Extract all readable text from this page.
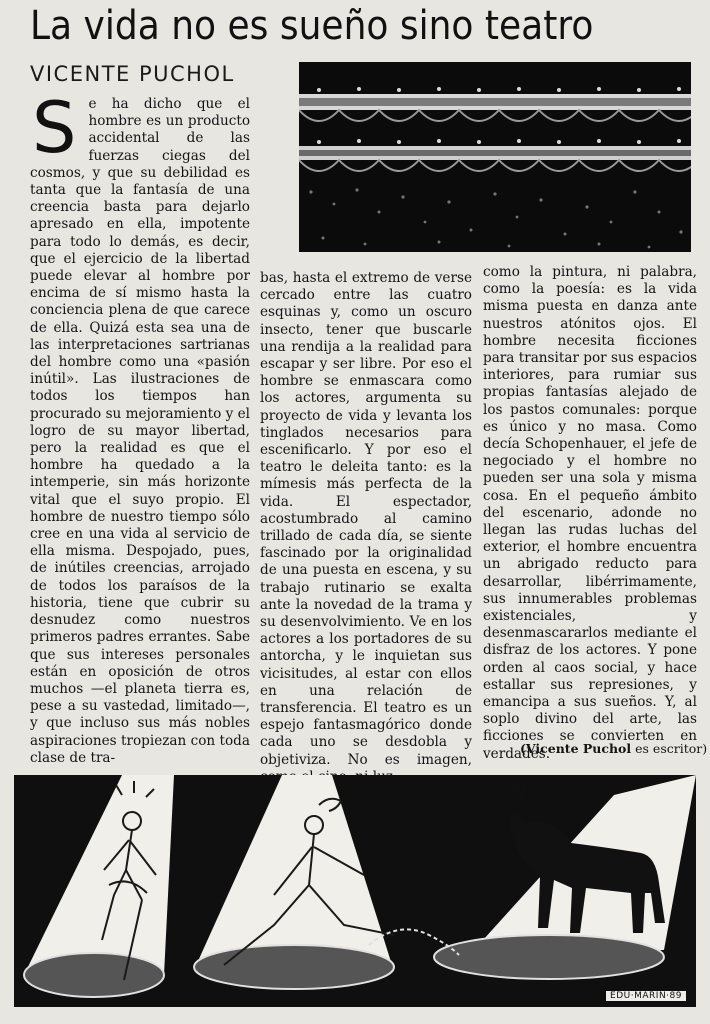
La vida no es sueño sino teatro
VICENTE PUCHOL
S e ha dicho que el hombre es un producto accidental de las fuerzas ciegas del cosmos, y que su debilidad es tanta que la fantasía de una creencia basta para dejarlo apresado en ella, impotente para todo lo demás, es decir, que el ejercicio de la libertad puede elevar al hombre por encima de sí mismo hasta la conciencia plena de que carece de ella. Quizá esta sea una de las interpretaciones sartrianas del hombre como una «pasión inútil». Las ilustraciones de todos los tiempos han procurado su mejoramiento y el logro de su mayor libertad, pero la realidad es que el hombre ha quedado a la intemperie, sin más horizonte vital que el suyo propio. El hombre de nuestro tiempo sólo cree en una vida al servicio de ella misma. Despojado, pues, de inútiles creencias, arrojado de todos los paraísos de la historia, tiene que cubrir su desnudez como nuestros primeros padres errantes. Sabe que sus intereses personales están en oposición de otros muchos —el planeta tierra es, pese a su vastedad, limitado—, y que incluso sus más nobles aspiraciones tropiezan con toda clase de tra-

bas, hasta el extremo de verse cercado entre las cuatro esquinas y, como un oscuro insecto, tener que buscarle una rendija a la realidad para escapar y ser libre. Por eso el hombre se enmascara como los actores, argumenta su proyecto de vida y levanta los tinglados necesarios para escenificarlo. Y por eso el teatro le deleita tanto: es la mímesis más perfecta de la vida. El espectador, acostumbrado al camino trillado de cada día, se siente fascinado por la originalidad de una puesta en escena, y su trabajo rutinario se exalta ante la novedad de la trama y su desenvolvimiento. Ve en los actores a los portadores de su antorcha, y le inquietan sus vicisitudes, al estar con ellos en una relación de transferencia. El teatro es un espejo fantasmagórico donde cada uno se desdobla y objetiviza. No es imagen,

como la pintura, ni palabra, como la poesía: es la vida misma puesta en danza ante nuestros atónitos ojos. El hombre necesita ficciones para transitar por sus espacios interiores, para rumiar sus propias fantasías alejado de los pastos comunales: porque es único y no masa. Como decía Schopenhauer, el jefe de negociado y el hombre no pueden ser una sola y misma cosa. En el pequeño ámbito del escenario, adonde no llegan las rudas luchas del exterior, el hombre encuentra un abrigado reducto para desarrollar, libérrimamente, sus innumerables problemas existenciales, y desenmascararlos mediante el disfraz de los actores. Y pone orden al caos social, y hace estallar sus represiones, y emancipa a sus sueños. Y, al soplo divino del arte, las ficciones se convierten en verdades.

(Vicente Puchol es escritor)
?
EDU·MARÍN·89
